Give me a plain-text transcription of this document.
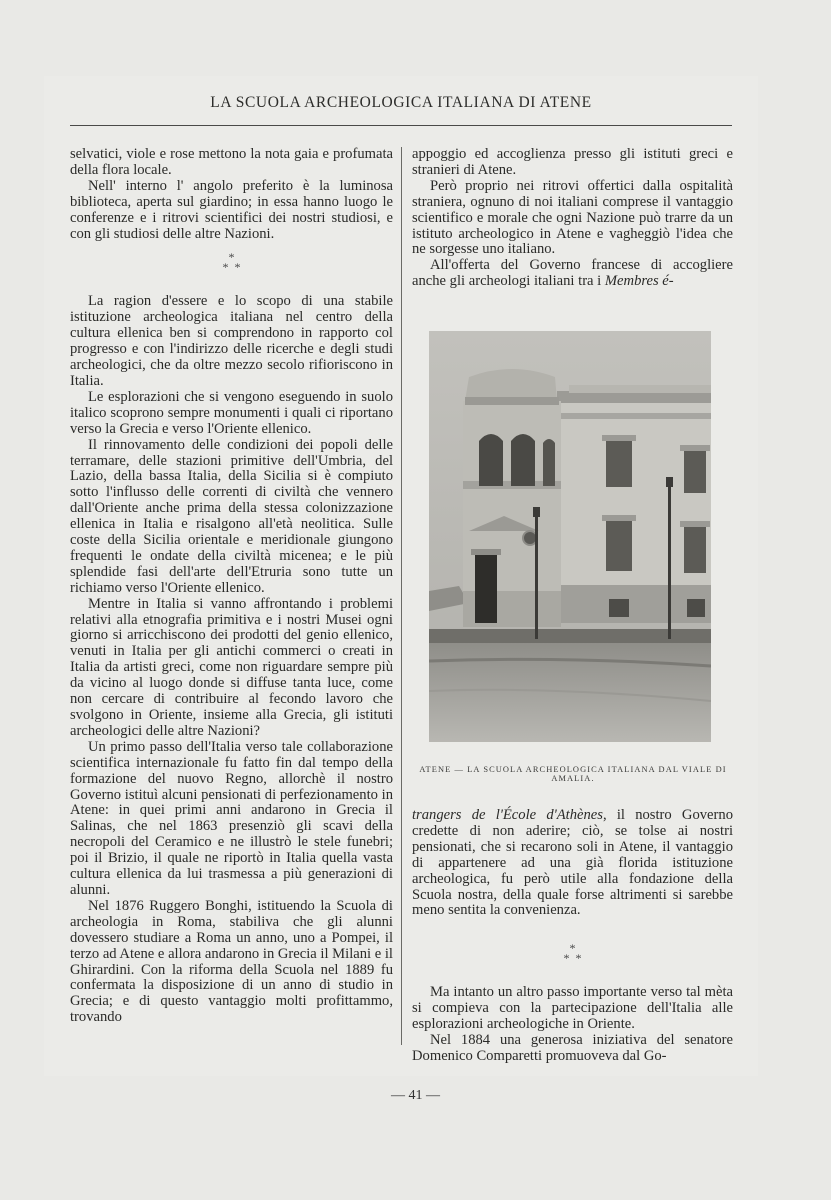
LA SCUOLA ARCHEOLOGICA ITALIANA DI ATENE

selvatici, viole e rose mettono la nota gaia e profumata della flora locale.

Nell' interno l' angolo preferito è la luminosa biblioteca, aperta sul giardino; in essa hanno luogo le conferenze e i ritrovi scientifici dei nostri studiosi, e con gli studiosi delle altre Nazioni.

*
*  *

La ragion d'essere e lo scopo di una stabile istituzione archeologica italiana nel centro della cultura ellenica ben si comprendono in rapporto col progresso e con l'indirizzo delle ricerche e degli studi archeologici, che da oltre mezzo secolo rifioriscono in Italia.

Le esplorazioni che si vengono eseguendo in suolo italico scoprono sempre monumenti i quali ci riportano verso la Grecia e verso l'Oriente ellenico.

Il rinnovamento delle condizioni dei popoli delle terramare, delle stazioni primitive dell'Umbria, del Lazio, della bassa Italia, della Sicilia si è compiuto sotto l'influsso delle correnti di civiltà che vennero dall'Oriente anche prima della stessa colonizzazione ellenica in Italia e risalgono all'età neolitica. Sulle coste della Sicilia orientale e meridionale giungono frequenti le ondate della civiltà micenea; e le più splendide fasi dell'arte dell'Etruria sono tutte un richiamo verso l'Oriente ellenico.

Mentre in Italia si vanno affrontando i problemi relativi alla etnografia primitiva e i nostri Musei ogni giorno si arricchiscono dei prodotti del genio ellenico, venuti in Italia per gli antichi commerci o creati in Italia da artisti greci, come non riguardare sempre più da vicino al luogo donde si diffuse tanta luce, come non cercare di contribuire al fecondo lavoro che svolgono in Oriente, insieme alla Grecia, gli istituti archeologici delle altre Nazioni?

Un primo passo dell'Italia verso tale collaborazione scientifica internazionale fu fatto fin dal tempo della formazione del nuovo Regno, allorchè il nostro Governo istituì alcuni pensionati di perfezionamento in Atene: in quei primi anni andarono in Grecia il Salinas, che nel 1863 presenziò gli scavi della necropoli del Ceramico e ne illustrò le stele funebri; poi il Brizio, il quale ne riportò in Italia quella vasta cultura ellenica da lui trasmessa a più generazioni di alunni.

Nel 1876 Ruggero Bonghi, istituendo la Scuola di archeologia in Roma, stabiliva che gli alunni dovessero studiare a Roma un anno, uno a Pompei, il terzo ad Atene e allora andarono in Grecia il Milani e il Ghirardini. Con la riforma della Scuola nel 1889 fu confermata la disposizione di un anno di studio in Grecia; e di questo vantaggio molti profittammo, trovando

appoggio ed accoglienza presso gli istituti greci e stranieri di Atene.

Però proprio nei ritrovi offertici dalla ospitalità straniera, ognuno di noi italiani comprese il vantaggio scientifico e morale che ogni Nazione può trarre da un istituto archeologico in Atene e vagheggiò l'idea che ne sorgesse uno italiano.

All'offerta del Governo francese di accogliere anche gli archeologi italiani tra i Membres é-

ATENE — LA SCUOLA ARCHEOLOGICA ITALIANA DAL VIALE DI AMALIA.

trangers de l'École d'Athènes, il nostro Governo credette di non aderire; ciò, se tolse ai nostri pensionati, che si recarono soli in Atene, il vantaggio di appartenere ad una già florida istituzione archeologica, fu però utile alla fondazione della Scuola nostra, della quale forse altrimenti si sarebbe meno sentita la convenienza.

*
*  *

Ma intanto un altro passo importante verso tal mèta si compieva con la partecipazione dell'Italia alle esplorazioni archeologiche in Oriente.

Nel 1884 una generosa iniziativa del senatore Domenico Comparetti promuoveva dal Go-

— 41 —
